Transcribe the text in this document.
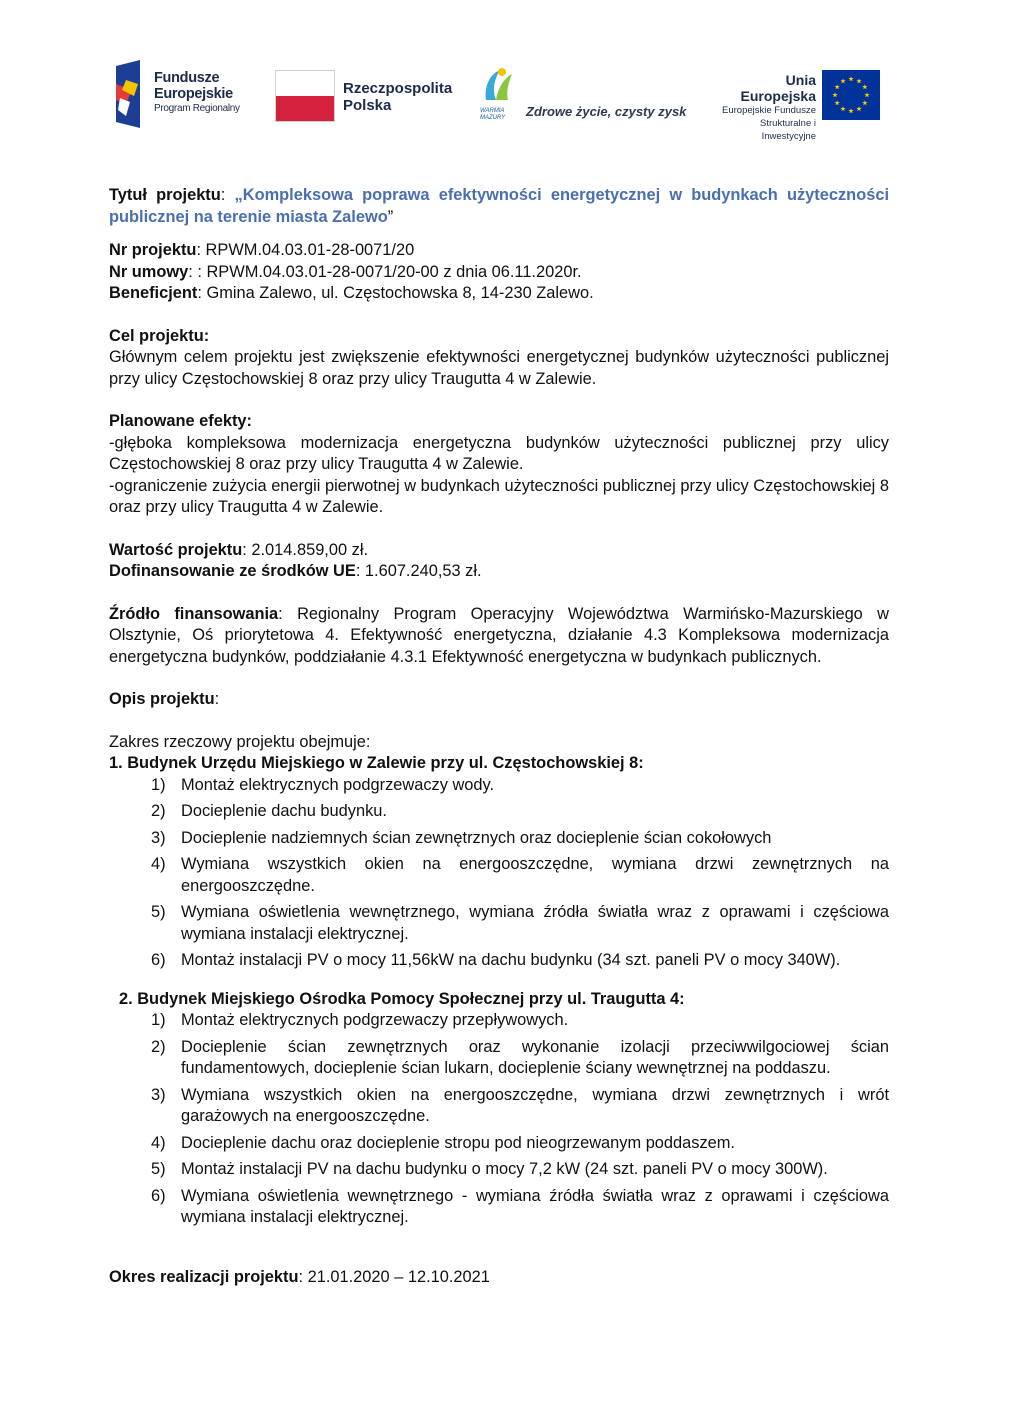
Fundusze
Europejskie
Program Regionalny
Rzeczpospolita
Polska	WARMIA
MAZURY Zdrowe życie, czysty zysk
Unia Europejska
Europejskie Fundusze
Strukturalne i Inwestycyjne

Tytuł projektu: „Kompleksowa poprawa efektywności energetycznej w budynkach użyteczności publicznej na terenie miasta Zalewo”

Nr projektu: RPWM.04.03.01-28-0071/20

Nr umowy: : RPWM.04.03.01-28-0071/20-00 z dnia 06.11.2020r.

Beneficjent: Gmina Zalewo, ul. Częstochowska 8, 14-230 Zalewo.

Cel projektu:

Głównym celem projektu jest zwiększenie efektywności energetycznej budynków użyteczności publicznej przy ulicy Częstochowskiej 8 oraz przy ulicy Traugutta 4 w Zalewie.

Planowane efekty:

-głęboka kompleksowa modernizacja energetyczna budynków użyteczności publicznej przy ulicy Częstochowskiej 8 oraz przy ulicy Traugutta 4 w Zalewie.

-ograniczenie zużycia energii pierwotnej w budynkach użyteczności publicznej przy ulicy Częstochowskiej 8 oraz przy ulicy Traugutta 4 w Zalewie.

Wartość projektu: 2.014.859,00 zł.

Dofinansowanie ze środków UE: 1.607.240,53 zł.

Źródło finansowania: Regionalny Program Operacyjny Województwa Warmińsko-Mazurskiego w Olsztynie, Oś priorytetowa 4. Efektywność energetyczna, działanie 4.3 Kompleksowa modernizacja energetyczna budynków, poddziałanie 4.3.1 Efektywność energetyczna w budynkach publicznych.

Opis projektu:

Zakres rzeczowy projektu obejmuje:

1. Budynek Urzędu Miejskiego w Zalewie przy ul. Częstochowskiej 8:

1) Montaż elektrycznych podgrzewaczy wody.
2) Docieplenie dachu budynku.
3) Docieplenie nadziemnych ścian zewnętrznych oraz docieplenie ścian cokołowych
4) Wymiana wszystkich okien na energooszczędne, wymiana drzwi zewnętrznych na energooszczędne.
5) Wymiana oświetlenia wewnętrznego, wymiana źródła światła wraz z oprawami i częściowa wymiana instalacji elektrycznej.
6) Montaż instalacji PV o mocy 11,56kW na dachu budynku (34 szt. paneli PV o mocy 340W).

2. Budynek Miejskiego Ośrodka Pomocy Społecznej przy ul. Traugutta 4:

1) Montaż elektrycznych podgrzewaczy przepływowych.
2) Docieplenie ścian zewnętrznych oraz wykonanie izolacji przeciwwilgociowej ścian fundamentowych, docieplenie ścian lukarn, docieplenie ściany wewnętrznej na poddaszu.
3) Wymiana wszystkich okien na energooszczędne, wymiana drzwi zewnętrznych i wrót garażowych na energooszczędne.
4) Docieplenie dachu oraz docieplenie stropu pod nieogrzewanym poddaszem.
5) Montaż instalacji PV na dachu budynku o mocy 7,2 kW (24 szt. paneli PV o mocy 300W).
6) Wymiana oświetlenia wewnętrznego - wymiana źródła światła wraz z oprawami i częściowa wymiana instalacji elektrycznej.

Okres realizacji projektu: 21.01.2020 – 12.10.2021
